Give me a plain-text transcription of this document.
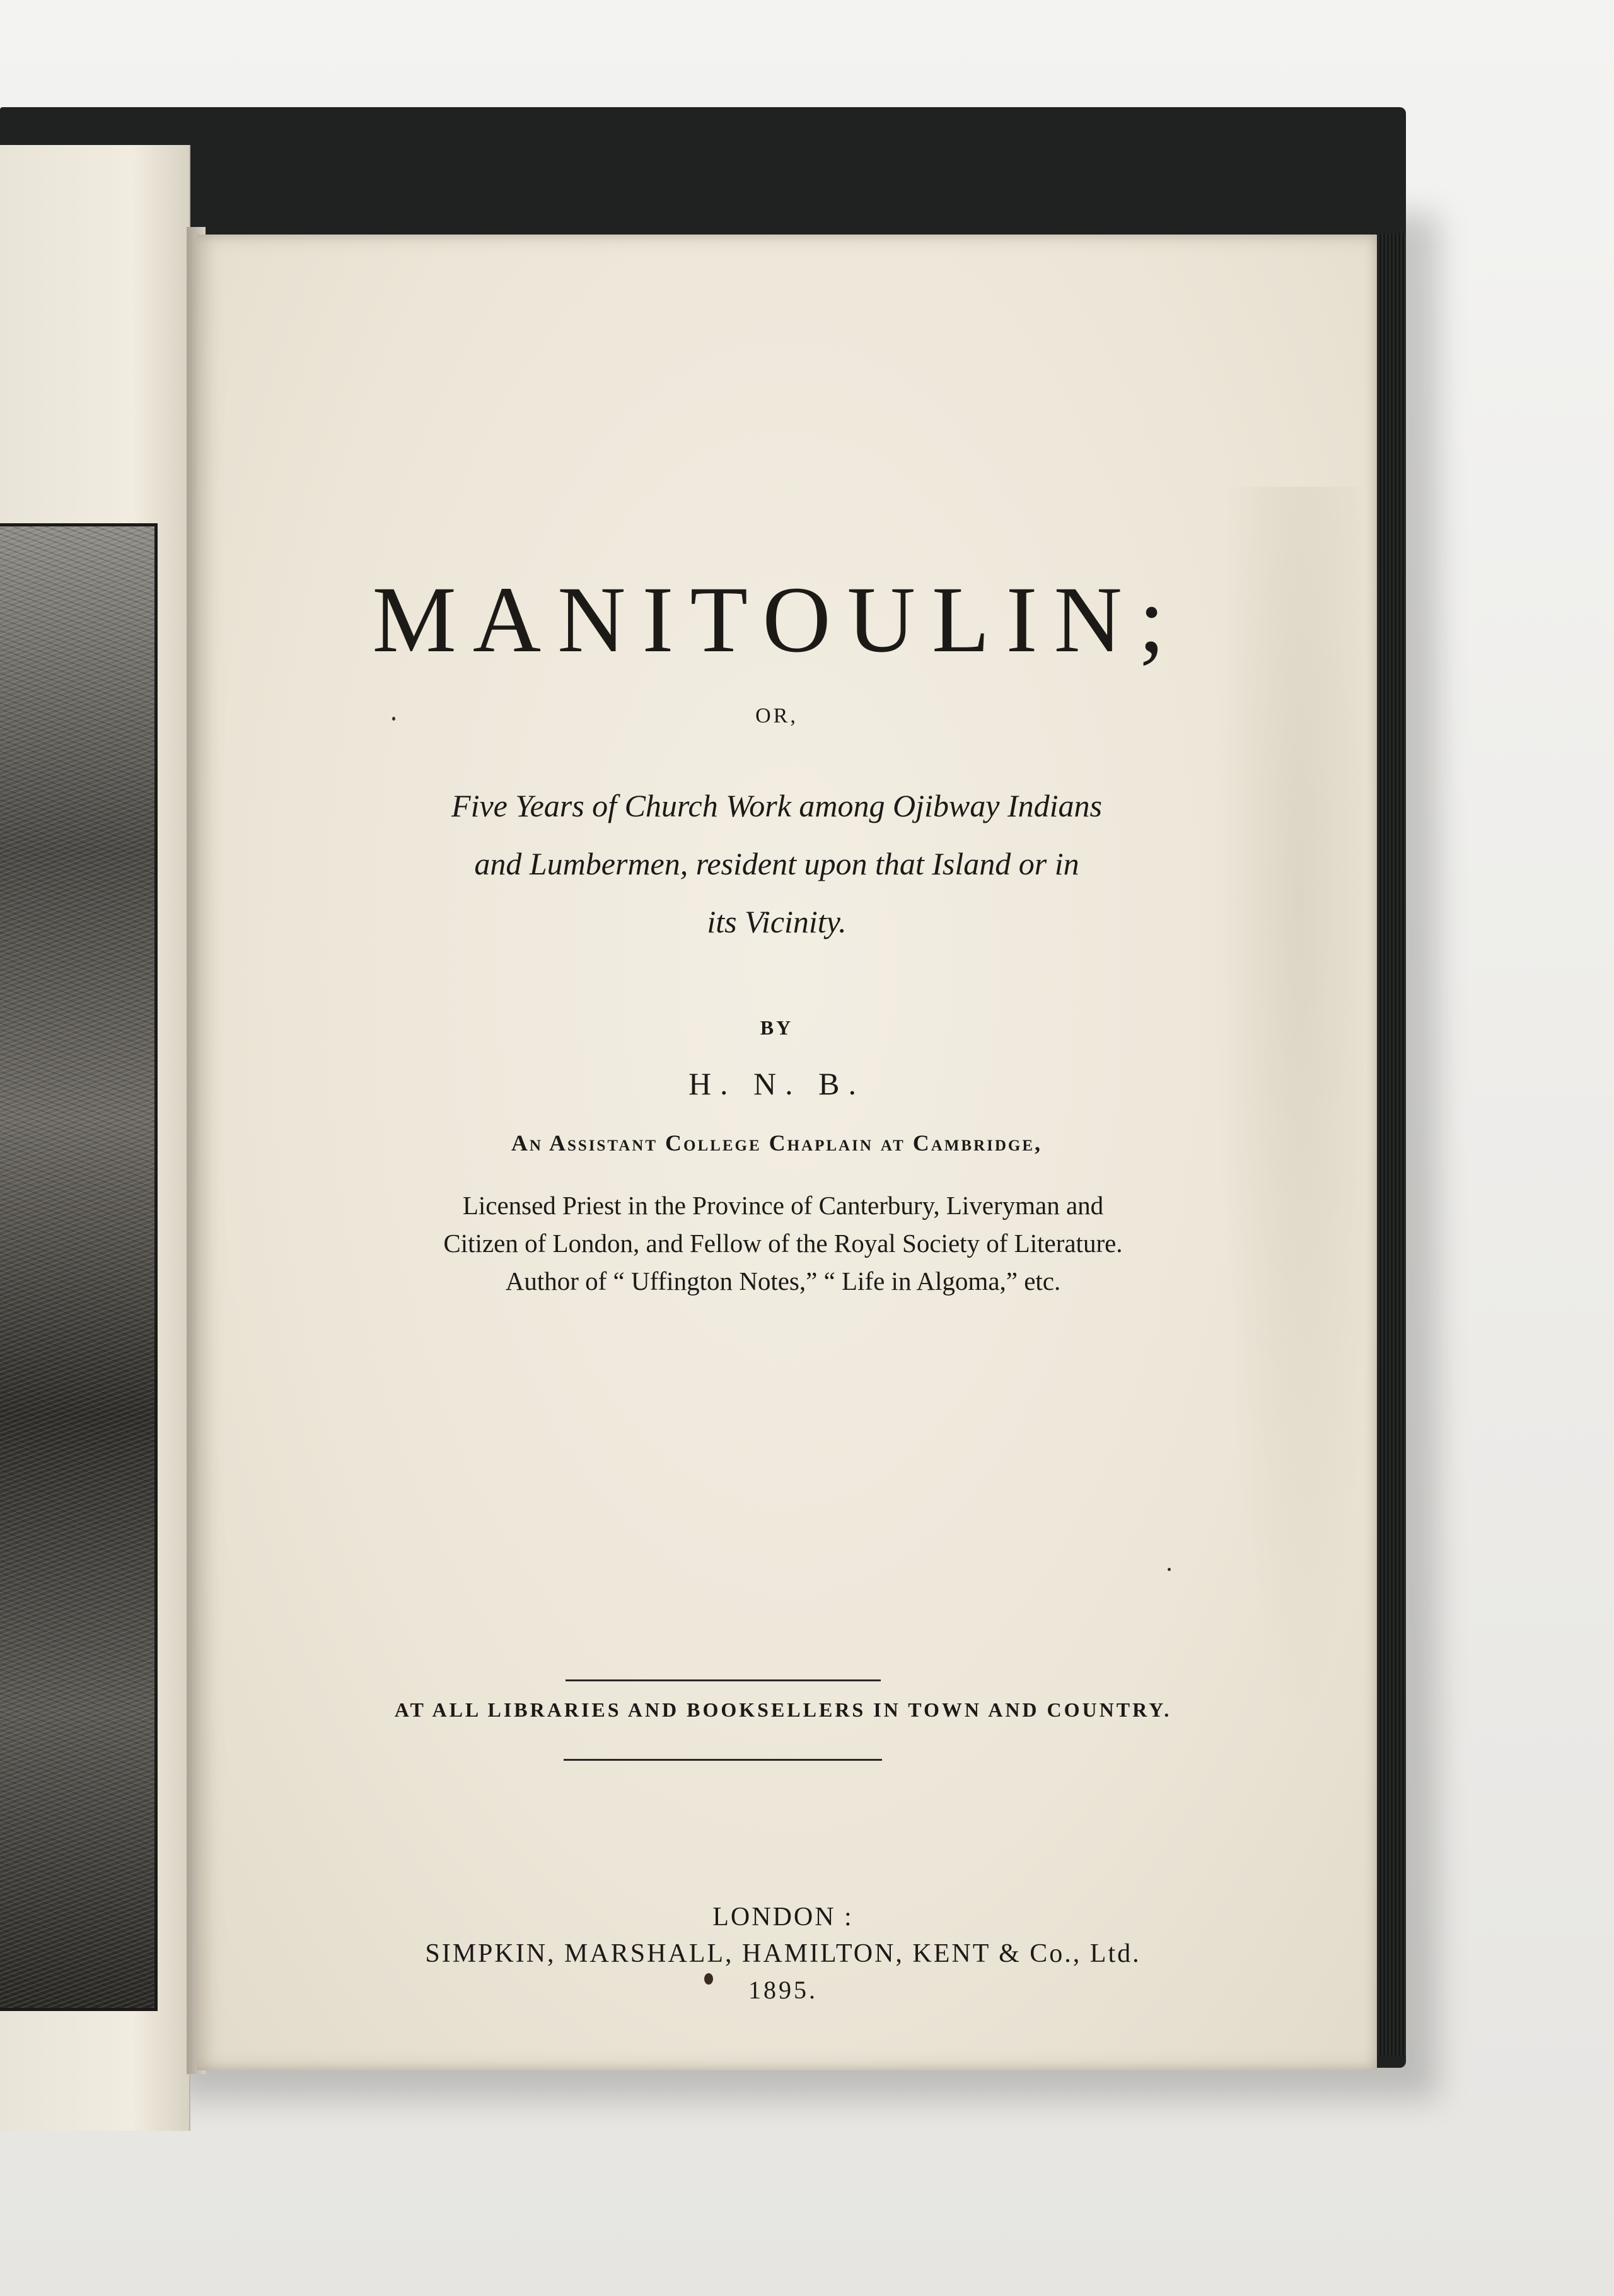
MANITOULIN;
OR,
Five Years of Church Work among Ojibway Indians
and Lumbermen, resident upon that Island or in
its Vicinity.
BY
H. N. B.
An Assistant College Chaplain at Cambridge,
Licensed Priest in the Province of Canterbury, Liveryman and
Citizen of London, and Fellow of the Royal Society of Literature.
Author of “ Uffington Notes,” “ Life in Algoma,” etc.
AT ALL LIBRARIES AND BOOKSELLERS IN TOWN AND COUNTRY.
LONDON :
SIMPKIN, MARSHALL, HAMILTON, KENT & Co., Ltd.
1895.
